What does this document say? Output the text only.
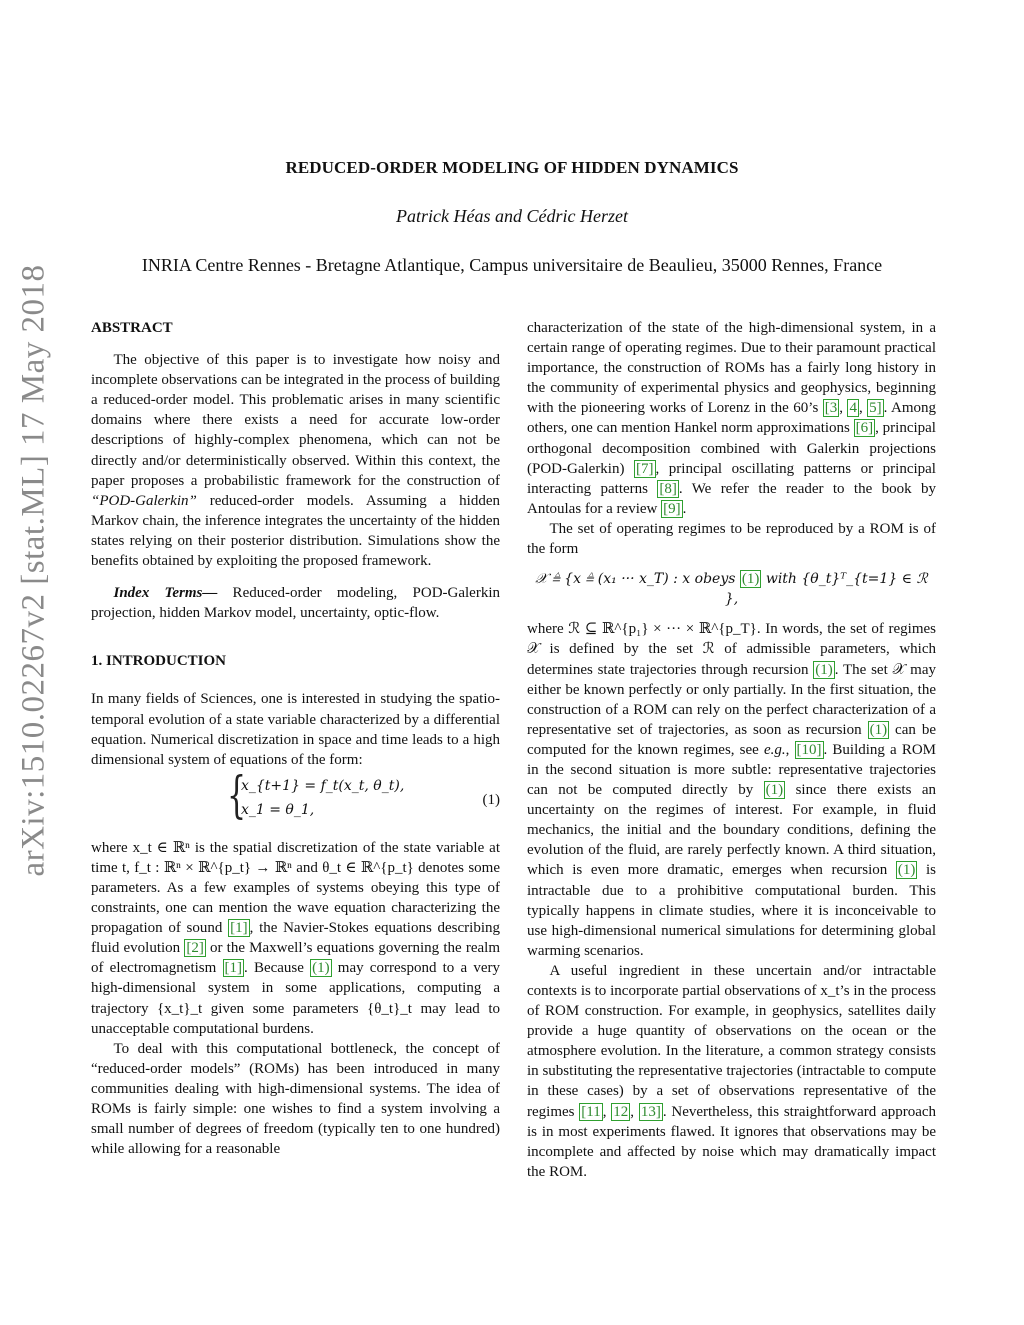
arXiv:1510.02267v2 [stat.ML] 17 May 2018
REDUCED-ORDER MODELING OF HIDDEN DYNAMICS
Patrick Héas and Cédric Herzet
INRIA Centre Rennes - Bretagne Atlantique, Campus universitaire de Beaulieu, 35000 Rennes, France

ABSTRACT

The objective of this paper is to investigate how noisy and incomplete observations can be integrated in the process of building a reduced-order model. This problematic arises in many scientific domains where there exists a need for accurate low-order descriptions of highly-complex phenomena, which can not be directly and/or deterministically observed. Within this context, the paper proposes a probabilistic framework for the construction of “POD-Galerkin” reduced-order models. Assuming a hidden Markov chain, the inference integrates the uncertainty of the hidden states relying on their posterior distribution. Simulations show the benefits obtained by exploiting the proposed framework.

Index Terms— Reduced-order modeling, POD-Galerkin projection, hidden Markov model, uncertainty, optic-flow.

1. INTRODUCTION

In many fields of Sciences, one is interested in studying the spatio-temporal evolution of a state variable characterized by a differential equation. Numerical discretization in space and time leads to a high dimensional system of equations of the form:

{
x_{t+1} = f_t(x_t, θ_t),
x_1 = θ_1,
(1)

where x_t ∈ ℝⁿ is the spatial discretization of the state variable at time t, f_t : ℝⁿ × ℝ^{p_t} → ℝⁿ and θ_t ∈ ℝ^{p_t} denotes some parameters. As a few examples of systems obeying this type of constraints, one can mention the wave equation characterizing the propagation of sound [1] , the Navier-Stokes equations describing fluid evolution [2] or the Maxwell’s equations governing the realm of electromagnetism [1] . Because (1) may correspond to a very high-dimensional system in some applications, computing a trajectory {x_t}_t given some parameters {θ_t}_t may lead to unacceptable computational burdens.

To deal with this computational bottleneck, the concept of “reduced-order models” (ROMs) has been introduced in many communities dealing with high-dimensional systems. The idea of ROMs is fairly simple: one wishes to find a system involving a small number of degrees of freedom (typically ten to one hundred) while allowing for a reasonable

characterization of the state of the high-dimensional system, in a certain range of operating regimes. Due to their paramount practical importance, the construction of ROMs has a fairly long history in the community of experimental physics and geophysics, beginning with the pioneering works of Lorenz in the 60’s [3 , 4 , 5] . Among others, one can mention Hankel norm approximations [6] , principal orthogonal decomposition combined with Galerkin projections (POD-Galerkin) [7] , principal oscillating patterns or principal interacting patterns [8] . We refer the reader to the book by Antoulas for a review [9] .

The set of operating regimes to be reproduced by a ROM is of the form

𝒳 ≜ {x ≜ (x₁ ··· x_T) : x obeys (1) with {θ_t}ᵀ_{t=1} ∈ ℛ },

where ℛ ⊆ ℝ^{p₁} × ··· × ℝ^{p_T}. In words, the set of regimes 𝒳 is defined by the set ℛ of admissible parameters, which determines state trajectories through recursion (1) . The set 𝒳 may either be known perfectly or only partially. In the first situation, the construction of a ROM can rely on the perfect characterization of a representative set of trajectories, as soon as recursion (1) can be computed for the known regimes, see e.g., [10] . Building a ROM in the second situation is more subtle: representative trajectories can not be computed directly by (1) since there exists an uncertainty on the regimes of interest. For example, in fluid mechanics, the initial and the boundary conditions, defining the evolution of the fluid, are rarely perfectly known. A third situation, which is even more dramatic, emerges when recursion (1) is intractable due to a prohibitive computational burden. This typically happens in climate studies, where it is inconceivable to use high-dimensional numerical simulations for determining global warming scenarios.

A useful ingredient in these uncertain and/or intractable contexts is to incorporate partial observations of x_t’s in the process of ROM construction. For example, in geophysics, satellites daily provide a huge quantity of observations on the ocean or the atmosphere evolution. In the literature, a common strategy consists in substituting the representative trajectories (intractable to compute in these cases) by a set of observations representative of the regimes [11 , 12 , 13] . Nevertheless, this straightforward approach is in most experiments flawed. It ignores that observations may be incomplete and affected by noise which may dramatically impact the ROM.
